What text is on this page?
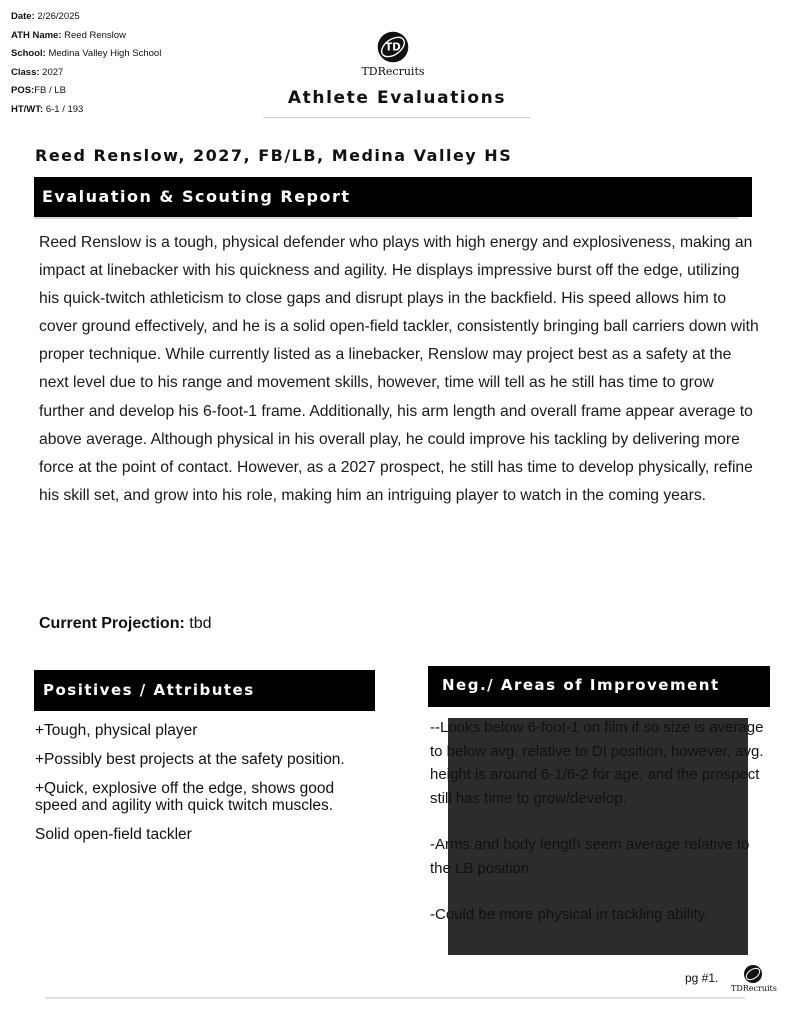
Date: 2/26/2025
ATH Name: Reed Renslow
School: Medina Valley High School
Class: 2027
POS:FB / LB
HT/WT: 6-1 / 193
TD
TDRecruits
Athlete Evaluations
Reed Renslow, 2027, FB/LB, Medina Valley HS
Evaluation & Scouting Report
Reed Renslow is a tough, physical defender who plays with high energy and explosiveness, making an impact at linebacker with his quickness and agility. He displays impressive burst off the edge, utilizing his quick-twitch athleticism to close gaps and disrupt plays in the backfield. His speed allows him to cover ground effectively, and he is a solid open-field tackler, consistently bringing ball carriers down with proper technique. While currently listed as a linebacker, Renslow may project best as a safety at the next level due to his range and movement skills, however, time will tell as he still has time to grow further and develop his 6-foot-1 frame. Additionally, his arm length and overall frame appear average to above average. Although physical in his overall play, he could improve his tackling by delivering more force at the point of contact. However, as a 2027 prospect, he still has time to develop physically, refine his skill set, and grow into his role, making him an intriguing player to watch in the coming years.
Current Projection: tbd
Positives / Attributes

+Tough, physical player

+Possibly best projects at the safety position.

+Quick, explosive off the edge, shows good speed and agility with quick twitch muscles.

Solid open-field tackler

Neg./ Areas of Improvement

--Looks below 6-foot-1 on film if so size is average to below avg. relative to DI position, however, avg. height is around 6-1/6-2 for age, and the prospect still has time to grow/develop.

-Arms and body length seem average relative to the LB position.

-Could be more physical in tackling ability.

pg #1.
TDRecruits
